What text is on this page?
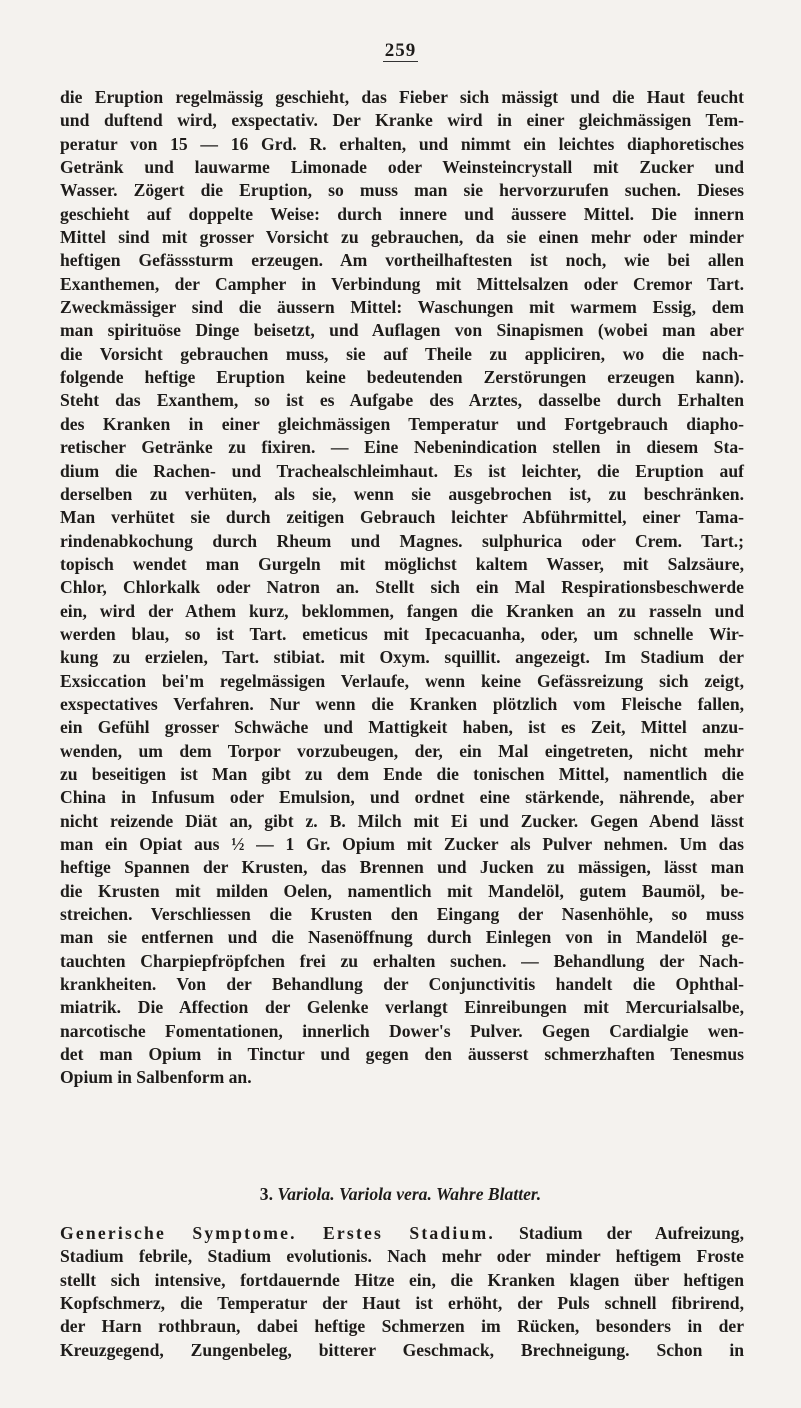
259
die Eruption regelmässig geschieht, das Fieber sich mässigt und die Haut feucht
und duftend wird, exspectativ. Der Kranke wird in einer gleichmässigen Tem-
peratur von 15 — 16 Grd. R. erhalten, und nimmt ein leichtes diaphoretisches
Getränk und lauwarme Limonade oder Weinsteincrystall mit Zucker und
Wasser. Zögert die Eruption, so muss man sie hervorzurufen suchen. Dieses
geschieht auf doppelte Weise: durch innere und äussere Mittel. Die innern
Mittel sind mit grosser Vorsicht zu gebrauchen, da sie einen mehr oder minder
heftigen Gefässsturm erzeugen. Am vortheilhaftesten ist noch, wie bei allen
Exanthemen, der Campher in Verbindung mit Mittelsalzen oder Cremor Tart.
Zweckmässiger sind die äussern Mittel: Waschungen mit warmem Essig, dem
man spirituöse Dinge beisetzt, und Auflagen von Sinapismen (wobei man aber
die Vorsicht gebrauchen muss, sie auf Theile zu appliciren, wo die nach-
folgende heftige Eruption keine bedeutenden Zerstörungen erzeugen kann).
Steht das Exanthem, so ist es Aufgabe des Arztes, dasselbe durch Erhalten
des Kranken in einer gleichmässigen Temperatur und Fortgebrauch diapho-
retischer Getränke zu fixiren. — Eine Nebenindication stellen in diesem Sta-
dium die Rachen- und Trachealschleimhaut. Es ist leichter, die Eruption auf
derselben zu verhüten, als sie, wenn sie ausgebrochen ist, zu beschränken.
Man verhütet sie durch zeitigen Gebrauch leichter Abführmittel, einer Tama-
rindenabkochung durch Rheum und Magnes. sulphurica oder Crem. Tart.;
topisch wendet man Gurgeln mit möglichst kaltem Wasser, mit Salzsäure,
Chlor, Chlorkalk oder Natron an. Stellt sich ein Mal Respirationsbeschwerde
ein, wird der Athem kurz, beklommen, fangen die Kranken an zu rasseln und
werden blau, so ist Tart. emeticus mit Ipecacuanha, oder, um schnelle Wir-
kung zu erzielen, Tart. stibiat. mit Oxym. squillit. angezeigt. Im Stadium der
Exsiccation bei'm regelmässigen Verlaufe, wenn keine Gefässreizung sich zeigt,
exspectatives Verfahren. Nur wenn die Kranken plötzlich vom Fleische fallen,
ein Gefühl grosser Schwäche und Mattigkeit haben, ist es Zeit, Mittel anzu-
wenden, um dem Torpor vorzubeugen, der, ein Mal eingetreten, nicht mehr
zu beseitigen ist Man gibt zu dem Ende die tonischen Mittel, namentlich die
China in Infusum oder Emulsion, und ordnet eine stärkende, nährende, aber
nicht reizende Diät an, gibt z. B. Milch mit Ei und Zucker. Gegen Abend lässt
man ein Opiat aus ½ — 1 Gr. Opium mit Zucker als Pulver nehmen. Um das
heftige Spannen der Krusten, das Brennen und Jucken zu mässigen, lässt man
die Krusten mit milden Oelen, namentlich mit Mandelöl, gutem Baumöl, be-
streichen. Verschliessen die Krusten den Eingang der Nasenhöhle, so muss
man sie entfernen und die Nasenöffnung durch Einlegen von in Mandelöl ge-
tauchten Charpiepfröpfchen frei zu erhalten suchen. — Behandlung der Nach-
krankheiten. Von der Behandlung der Conjunctivitis handelt die Ophthal-
miatrik. Die Affection der Gelenke verlangt Einreibungen mit Mercurialsalbe,
narcotische Fomentationen, innerlich Dower's Pulver. Gegen Cardialgie wen-
det man Opium in Tinctur und gegen den äusserst schmerzhaften Tenesmus
Opium in Salbenform an.
3. Variola. Variola vera. Wahre Blatter.
Generische Symptome. Erstes Stadium. Stadium der Aufreizung,
Stadium febrile, Stadium evolutionis. Nach mehr oder minder heftigem Froste
stellt sich intensive, fortdauernde Hitze ein, die Kranken klagen über heftigen
Kopfschmerz, die Temperatur der Haut ist erhöht, der Puls schnell fibrirend,
der Harn rothbraun, dabei heftige Schmerzen im Rücken, besonders in der
Kreuzgegend, Zungenbeleg, bitterer Geschmack, Brechneigung. Schon in
